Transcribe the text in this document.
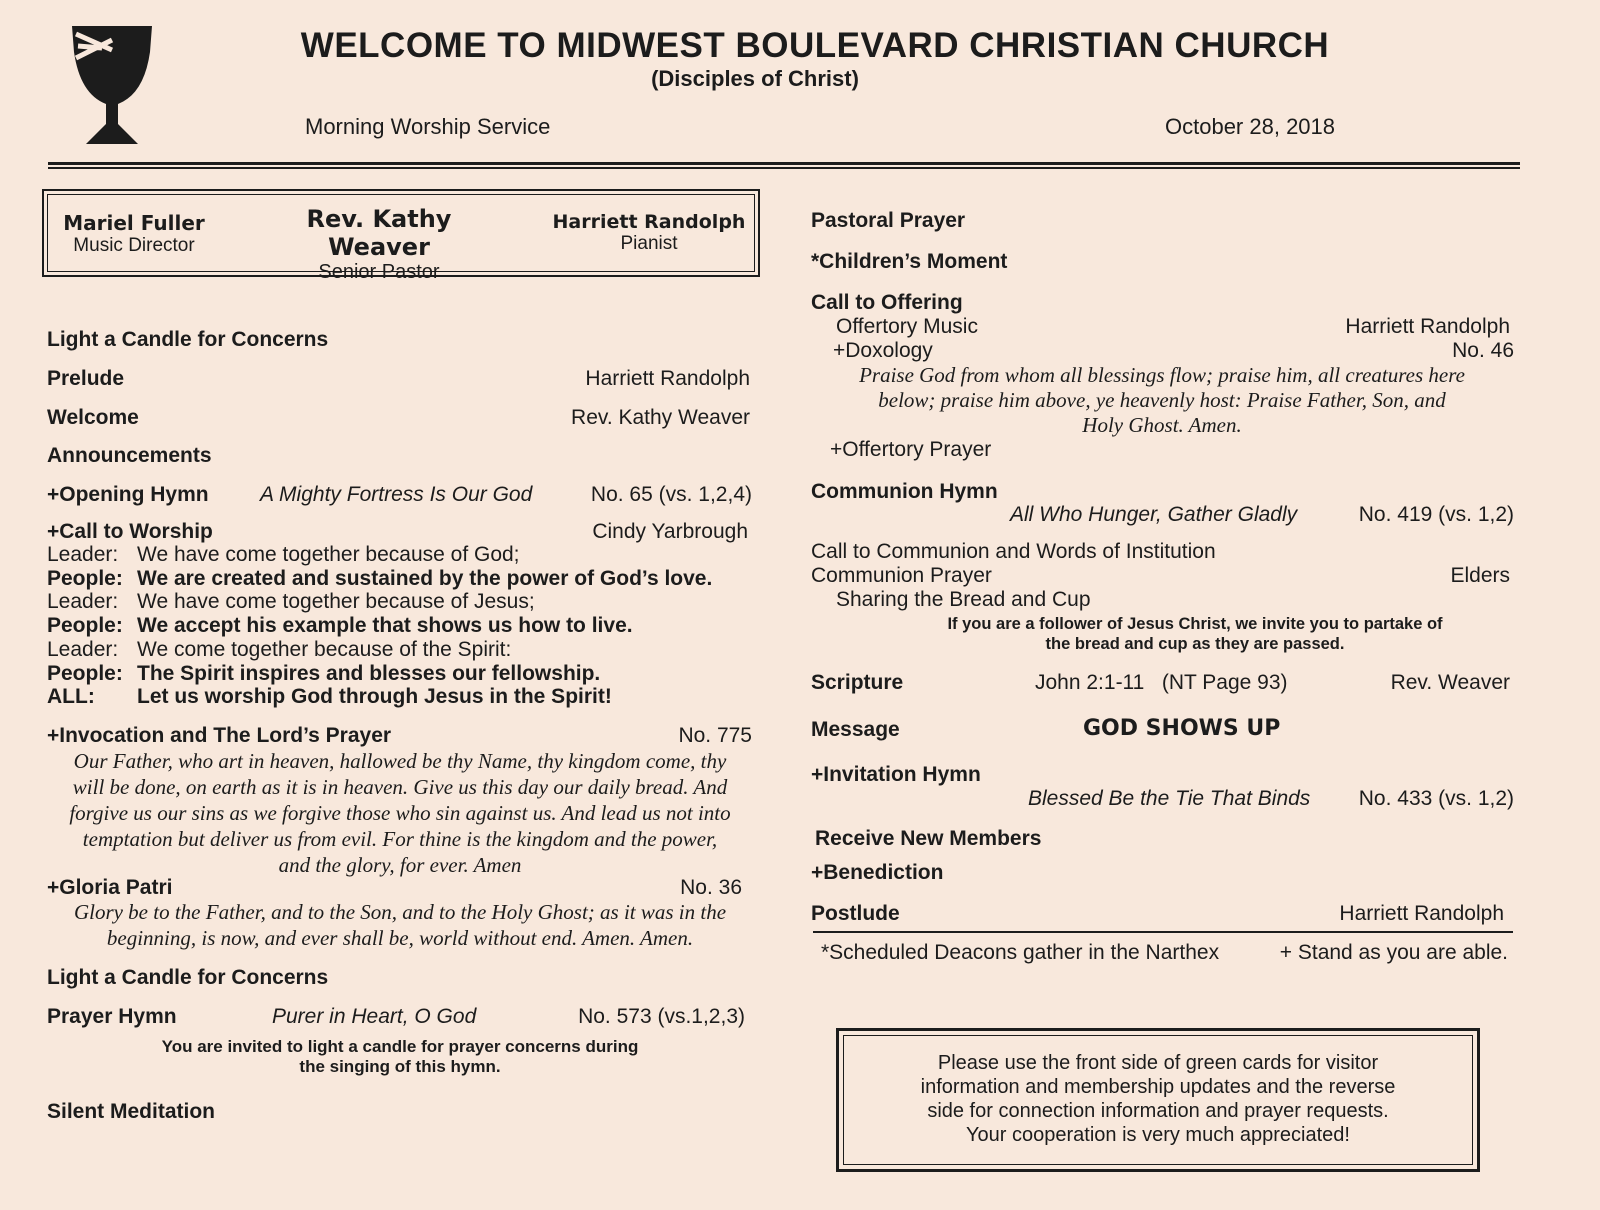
WELCOME TO MIDWEST BOULEVARD CHRISTIAN CHURCH
(Disciples of Christ)
Morning Worship Service	October 28, 2018
Mariel Fuller
Music Director
Rev. Kathy Weaver
Senior Pastor
Harriett Randolph
Pianist
Light a Candle for Concerns
Prelude	Harriett Randolph
Welcome	Rev. Kathy Weaver
Announcements
+Opening Hymn A Mighty Fortress Is Our God	No. 65 (vs. 1,2,4)
+Call to Worship	Cindy Yarbrough
Leader: We have come together because of God;
People: We are created and sustained by the power of God’s love.
Leader: We have come together because of Jesus;
People: We accept his example that shows us how to live.
Leader: We come together because of the Spirit:
People: The Spirit inspires and blesses our fellowship.
ALL: Let us worship God through Jesus in the Spirit!
+Invocation and The Lord’s Prayer	No. 775
Our Father, who art in heaven, hallowed be thy Name, thy kingdom come, thy
will be done, on earth as it is in heaven. Give us this day our daily bread. And
forgive us our sins as we forgive those who sin against us. And lead us not into
temptation but deliver us from evil. For thine is the kingdom and the power,
and the glory, for ever. Amen
+Gloria Patri	No. 36
Glory be to the Father, and to the Son, and to the Holy Ghost; as it was in the
beginning, is now, and ever shall be, world without end. Amen. Amen.
Light a Candle for Concerns
Prayer Hymn	Purer in Heart, O God	No. 573 (vs.1,2,3)
You are invited to light a candle for prayer concerns during
the singing of this hymn.
Silent Meditation
Pastoral Prayer
*Children’s Moment
Call to Offering
Offertory Music	Harriett Randolph
+Doxology	No. 46
Praise God from whom all blessings flow; praise him, all creatures here
below; praise him above, ye heavenly host: Praise Father, Son, and
Holy Ghost. Amen.
+Offertory Prayer
Communion Hymn
All Who Hunger, Gather Gladly	No. 419 (vs. 1,2)
Call to Communion and Words of Institution
Communion Prayer	Elders
Sharing the Bread and Cup
If you are a follower of Jesus Christ, we invite you to partake of
the bread and cup as they are passed.
Scripture	John 2:1-11   (NT Page 93)	Rev. Weaver
Message	GOD SHOWS UP
+Invitation Hymn
Blessed Be the Tie That Binds	No. 433 (vs. 1,2)
Receive New Members
+Benediction
Postlude	Harriett Randolph
*Scheduled Deacons gather in the Narthex	+ Stand as you are able.
Please use the front side of green cards for visitor
information and membership updates and the reverse
side for connection information and prayer requests.
Your cooperation is very much appreciated!
